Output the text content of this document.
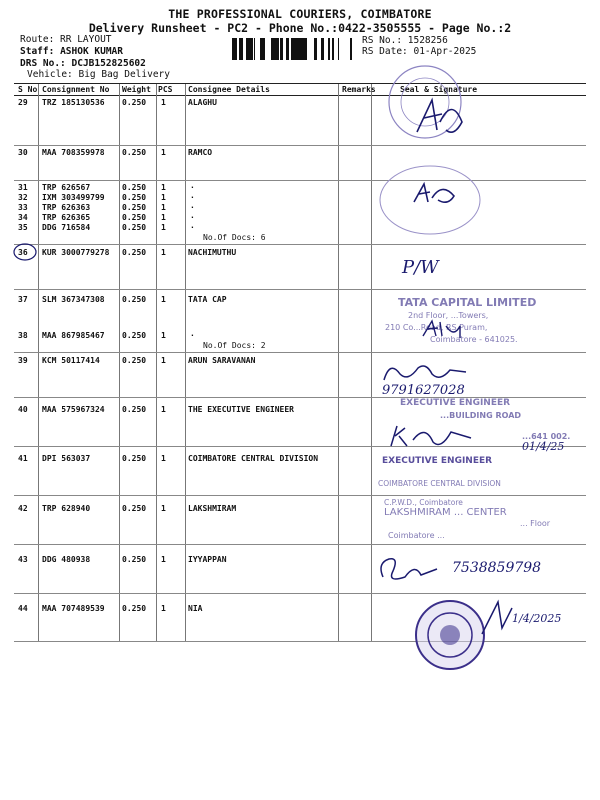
THE PROFESSIONAL COURIERS, COIMBATORE
Delivery Runsheet - PC2 - Phone No.:0422-3505555 - Page No.:2
Route: RR LAYOUT
Staff: ASHOK KUMAR
DRS No.: DCJB152825602
Vehicle: Big Bag Delivery
RS No.: 1528256
RS Date: 01-Apr-2025
S No Consignment No Weight PCS Consignee Details	Remarks	Seal & Signature
29 TRZ 185130536 0.250 1	ALAGHU
30 MAA 708359978 0.250 1	RAMCO
31 TRP 626567	0.250 1	.
32 IXM 303499799 0.250 1	.
33 TRP 626363	0.250 1	.
34 TRP 626365	0.250 1	.
35 DDG 716584	0.250 1	.
No.Of Docs: 6
36 KUR 3000779278 0.250 1	NACHIMUTHU
37 SLM 367347308 0.250 1	TATA CAP
38 MAA 867985467 0.250 1	.
No.Of Docs: 2
39 KCM 50117414	0.250 1	ARUN SARAVANAN
40 MAA 575967324 0.250 1	THE EXECUTIVE ENGINEER
41 DPI 563037	0.250 1	COIMBATORE CENTRAL DIVISION
42 TRP 628940	0.250 1	LAKSHMIRAM
43 DDG 480938	0.250 1	IYYAPPAN
44 MAA 707489539 0.250 1	NIA
P/W
TATA CAPITAL LIMITED
2nd Floor, ...Towers,
210 Co...Road, RS Puram,
Coimbatore - 641025.
9791627028
EXECUTIVE ENGINEER
...BUILDING ROAD
...641 002.
01/4/25
EXECUTIVE ENGINEER
COIMBATORE CENTRAL DIVISION
C.P.W.D., Coimbatore
LAKSHMIRAM ... CENTER
... Floor
Coimbatore ...
7538859798
1/4/2025
